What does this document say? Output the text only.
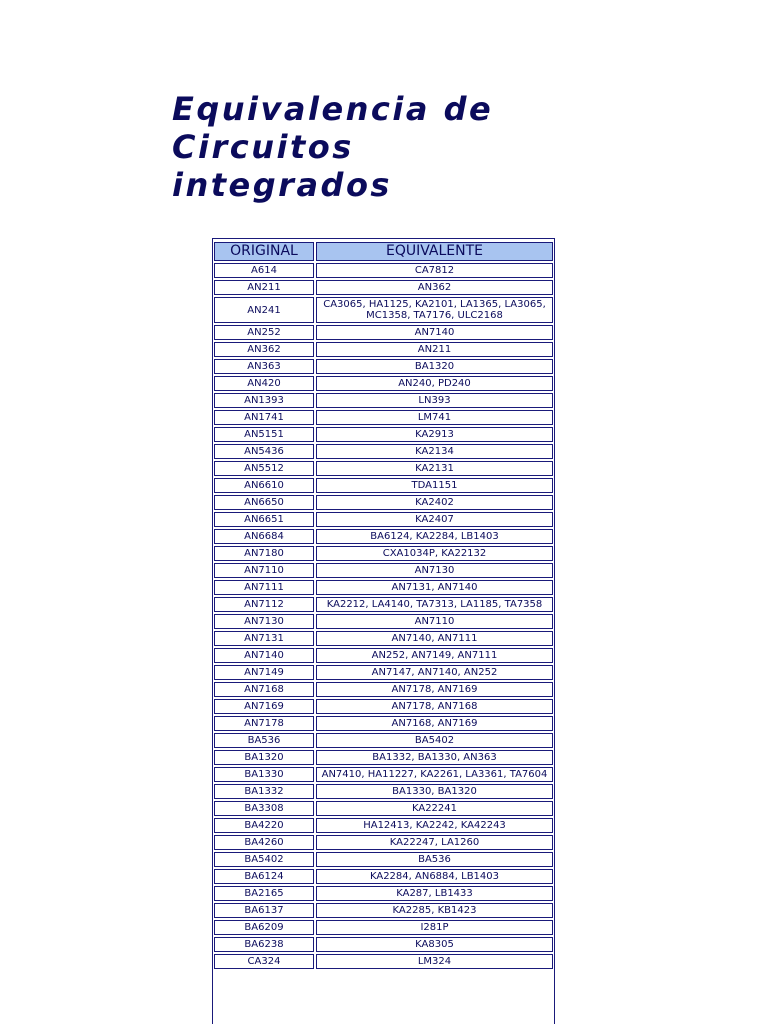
Equivalencia de
Circuitos
integrados
ORIGINAL	EQUIVALENTE
A614	CA7812
AN211	AN362
AN241	CA3065, HA1125, KA2101, LA1365, LA3065, MC1358, TA7176, ULC2168
AN252	AN7140
AN362	AN211
AN363	BA1320
AN420	AN240, PD240
AN1393	LN393
AN1741	LM741
AN5151	KA2913
AN5436	KA2134
AN5512	KA2131
AN6610	TDA1151
AN6650	KA2402
AN6651	KA2407
AN6684	BA6124, KA2284, LB1403
AN7180	CXA1034P, KA22132
AN7110	AN7130
AN7111	AN7131, AN7140
AN7112	KA2212, LA4140, TA7313, LA1185, TA7358
AN7130	AN7110
AN7131	AN7140, AN7111
AN7140	AN252, AN7149, AN7111
AN7149	AN7147, AN7140, AN252
AN7168	AN7178, AN7169
AN7169	AN7178, AN7168
AN7178	AN7168, AN7169
BA536	BA5402
BA1320	BA1332, BA1330, AN363
BA1330	AN7410, HA11227, KA2261, LA3361, TA7604
BA1332	BA1330, BA1320
BA3308	KA22241
BA4220	HA12413, KA2242, KA42243
BA4260	KA22247, LA1260
BA5402	BA536
BA6124	KA2284, AN6884, LB1403
BA2165	KA287, LB1433
BA6137	KA2285, KB1423
BA6209	I281P
BA6238	KA8305
CA324	LM324
